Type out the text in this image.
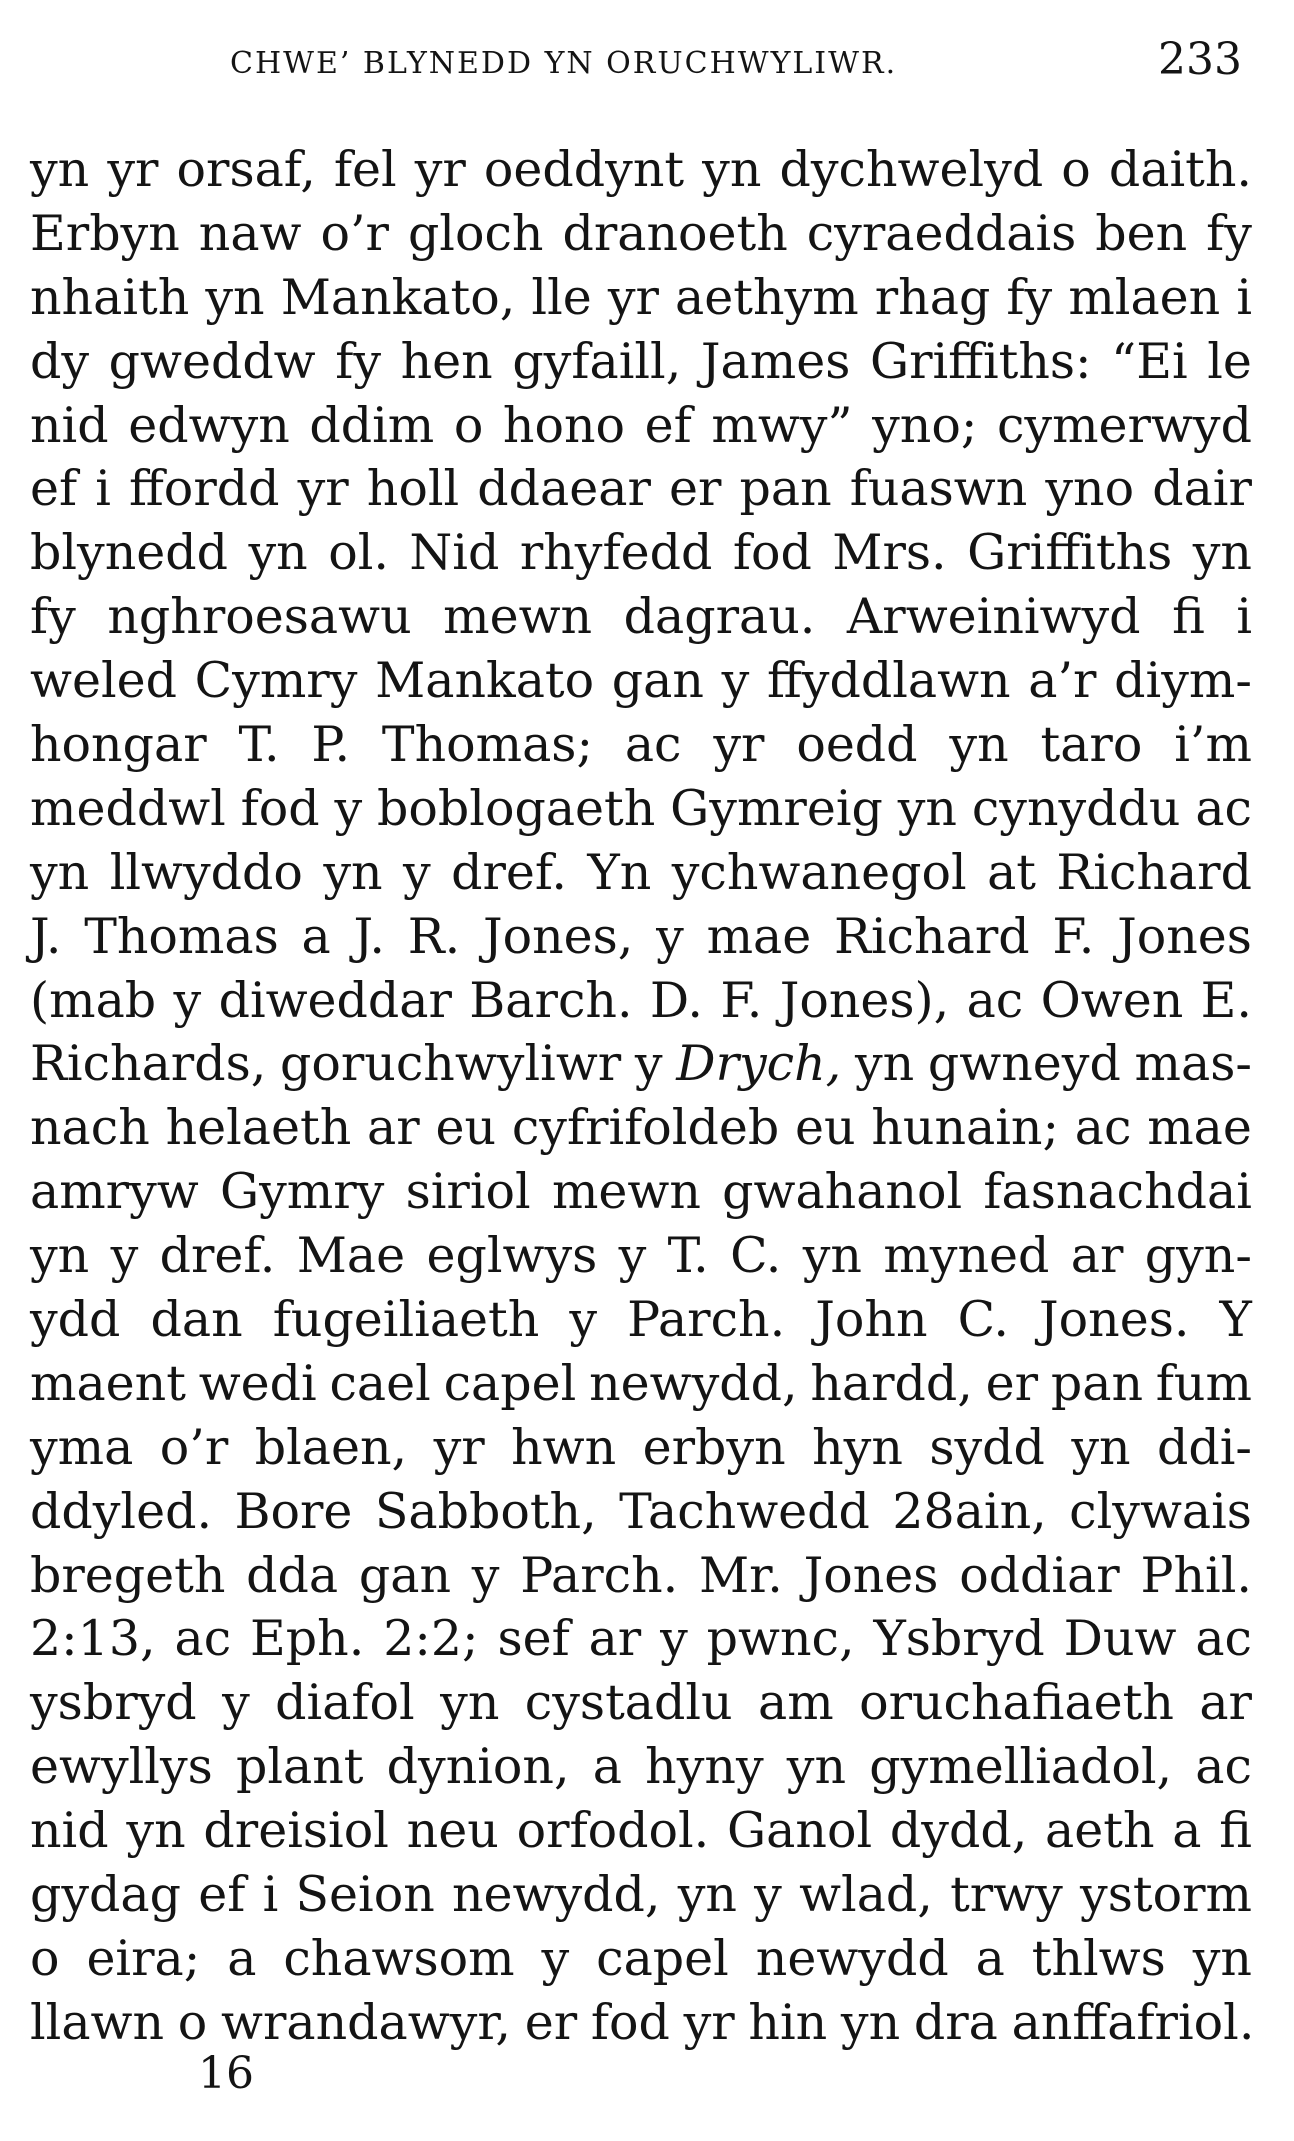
CHWE’ BLYNEDD YN ORUCHWYLIWR.	233
yn yr orsaf, fel yr oeddynt yn dychwelyd o daith.
Erbyn naw o’r gloch dranoeth cyraeddais ben fy
nhaith yn Mankato, lle yr aethym rhag fy mlaen i
dy gweddw fy hen gyfaill, James Griffiths: “Ei le
nid edwyn ddim o hono ef mwy” yno; cymerwyd
ef i ffordd yr holl ddaear er pan fuaswn yno dair
blynedd yn ol. Nid rhyfedd fod Mrs. Griffiths yn
fy nghroesawu mewn dagrau. Arweiniwyd fi i
weled Cymry Mankato gan y ffyddlawn a’r diym-
hongar T. P. Thomas; ac yr oedd yn taro i’m
meddwl fod y boblogaeth Gymreig yn cynyddu ac
yn llwyddo yn y dref. Yn ychwanegol at Richard
J. Thomas a J. R. Jones, y mae Richard F. Jones
(mab y diweddar Barch. D. F. Jones), ac Owen E.
Richards, goruchwyliwr y Drych, yn gwneyd mas-
nach helaeth ar eu cyfrifoldeb eu hunain; ac mae
amryw Gymry siriol mewn gwahanol fasnachdai
yn y dref. Mae eglwys y T. C. yn myned ar gyn-
ydd dan fugeiliaeth y Parch. John C. Jones. Y
maent wedi cael capel newydd, hardd, er pan fum
yma o’r blaen, yr hwn erbyn hyn sydd yn ddi-
ddyled. Bore Sabboth, Tachwedd 28ain, clywais
bregeth dda gan y Parch. Mr. Jones oddiar Phil.
2:13, ac Eph. 2:2; sef ar y pwnc, Ysbryd Duw ac
ysbryd y diafol yn cystadlu am oruchafiaeth ar
ewyllys plant dynion, a hyny yn gymelliadol, ac
nid yn dreisiol neu orfodol. Ganol dydd, aeth a fi
gydag ef i Seion newydd, yn y wlad, trwy ystorm
o eira; a chawsom y capel newydd a thlws yn
llawn o wrandawyr, er fod yr hin yn dra anffafriol.
16
